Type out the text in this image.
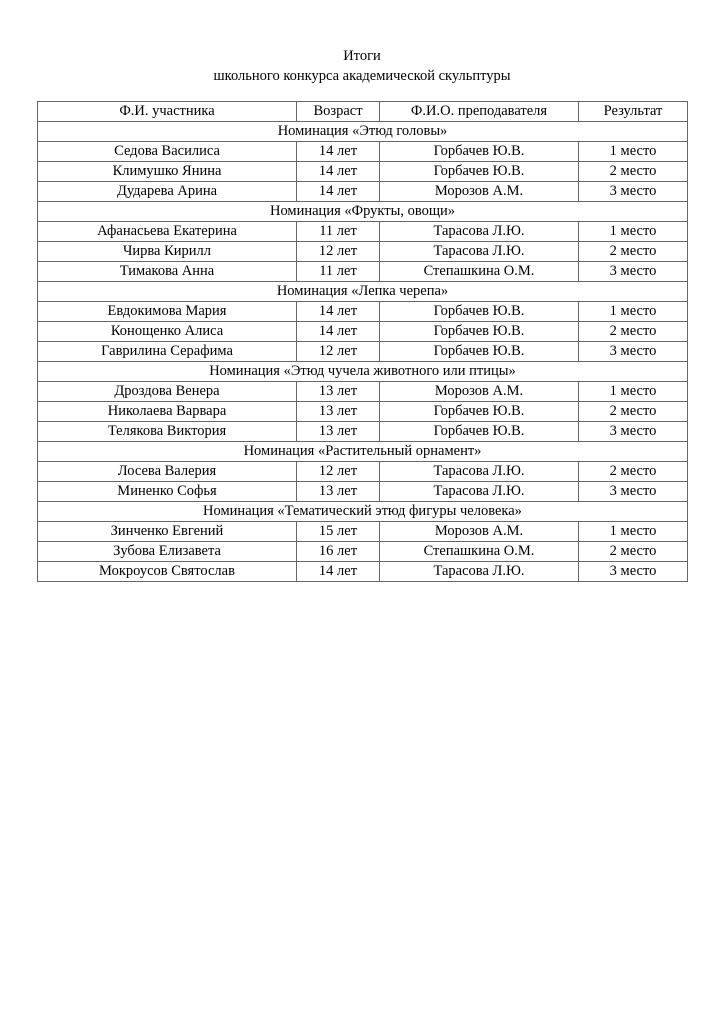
Итоги
школьного конкурса академической скульптуры
Ф.И. участника	Возраст	Ф.И.О. преподавателя	Результат
Номинация «Этюд головы»			
Седова Василиса	14 лет	Горбачев Ю.В.	1 место
Климушко Янина	14 лет	Горбачев Ю.В.	2 место
Дударева Арина	14 лет	Морозов А.М.	3 место
Номинация «Фрукты, овощи»			
Афанасьева Екатерина	11 лет	Тарасова Л.Ю.	1 место
Чирва Кирилл	12 лет	Тарасова Л.Ю.	2 место
Тимакова Анна	11 лет	Степашкина О.М.	3 место
Номинация «Лепка черепа»			
Евдокимова Мария	14 лет	Горбачев Ю.В.	1 место
Конощенко Алиса	14 лет	Горбачев Ю.В.	2 место
Гаврилина Серафима	12 лет	Горбачев Ю.В.	3 место
Номинация «Этюд чучела животного или птицы»			
Дроздова Венера	13 лет	Морозов А.М.	1 место
Николаева Варвара	13 лет	Горбачев Ю.В.	2 место
Телякова Виктория	13 лет	Горбачев Ю.В.	3 место
Номинация «Растительный орнамент»			
Лосева Валерия	12 лет	Тарасова Л.Ю.	2 место
Миненко Софья	13 лет	Тарасова Л.Ю.	3 место
Номинация «Тематический этюд фигуры человека»			
Зинченко Евгений	15 лет	Морозов А.М.	1 место
Зубова Елизавета	16 лет	Степашкина О.М.	2 место
Мокроусов Святослав	14 лет	Тарасова Л.Ю.	3 место
